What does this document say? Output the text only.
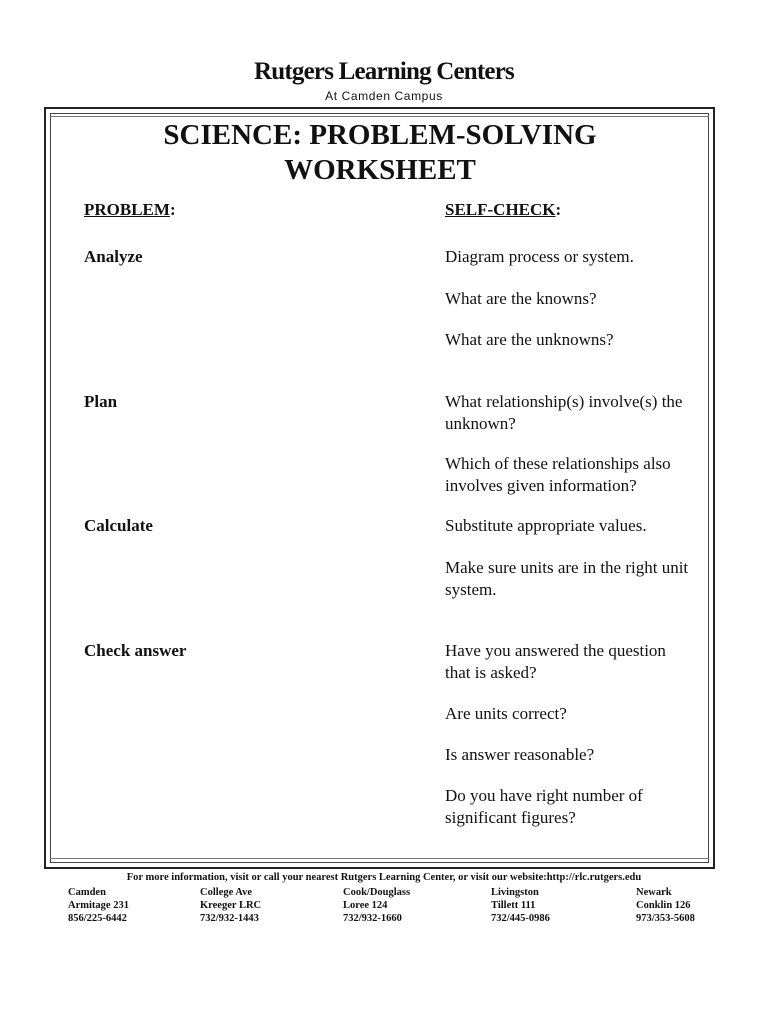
Rutgers Learning Centers
At Camden Campus
SCIENCE: PROBLEM-SOLVING
WORKSHEET
PROBLEM:	SELF-CHECK:
Analyze	Diagram process or system.
What are the knowns?
What are the unknowns?
Plan	What relationship(s) involve(s) the unknown?
Which of these relationships also involves given information?
Calculate	Substitute appropriate values.
Make sure units are in the right unit system.
Check answer	Have you answered the question that is asked?
Are units correct?
Is answer reasonable?
Do you have right number of significant figures?
For more information, visit or call your nearest Rutgers Learning Center, or visit our website:http://rlc.rutgers.edu
Camden
Armitage 231
856/225-6442
College Ave
Kreeger LRC
732/932-1443
Cook/Douglass
Loree 124
732/932-1660
Livingston
Tillett 111
732/445-0986
Newark
Conklin 126
973/353-5608
